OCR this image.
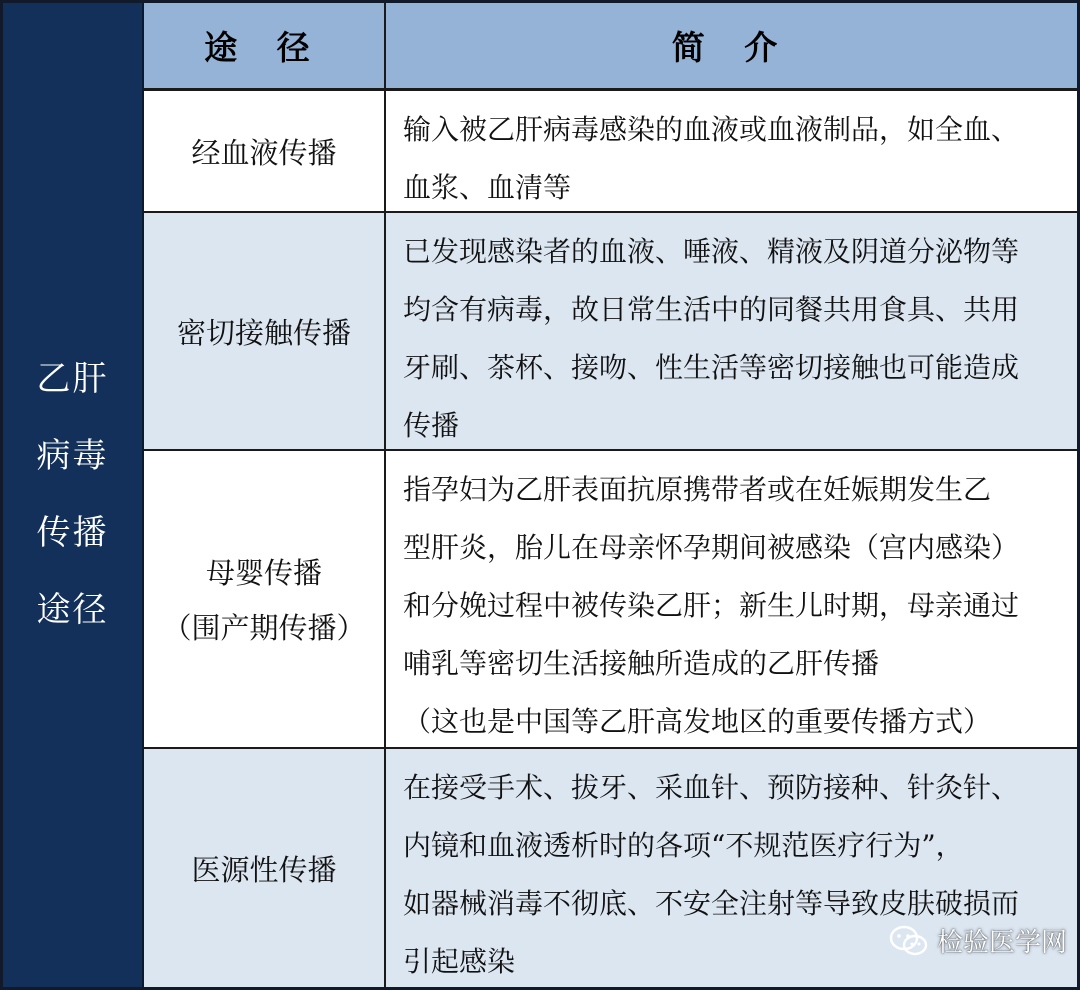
乙肝
病毒
传播
途径
途 径	简 介
经血液传播

输入被乙肝病毒感染的血液或血液制品，如全血、

血浆、血清等

密切接触传播

已发现感染者的血液、唾液、精液及阴道分泌物等

均含有病毒，故日常生活中的同餐共用食具、共用

牙刷、茶杯、接吻、性生活等密切接触也可能造成

传播

母婴传播
（围产期传播）

指孕妇为乙肝表面抗原携带者或在妊娠期发生乙

型肝炎，胎儿在母亲怀孕期间被感染（宫内感染）

和分娩过程中被传染乙肝；新生儿时期，母亲通过

哺乳等密切生活接触所造成的乙肝传播

（这也是中国等乙肝高发地区的重要传播方式）

医源性传播

在接受手术、拔牙、采血针、预防接种、针灸针、

内镜和血液透析时的各项“不规范医疗行为”，

如器械消毒不彻底、不安全注射等导致皮肤破损而

引起感染

检验医学网
